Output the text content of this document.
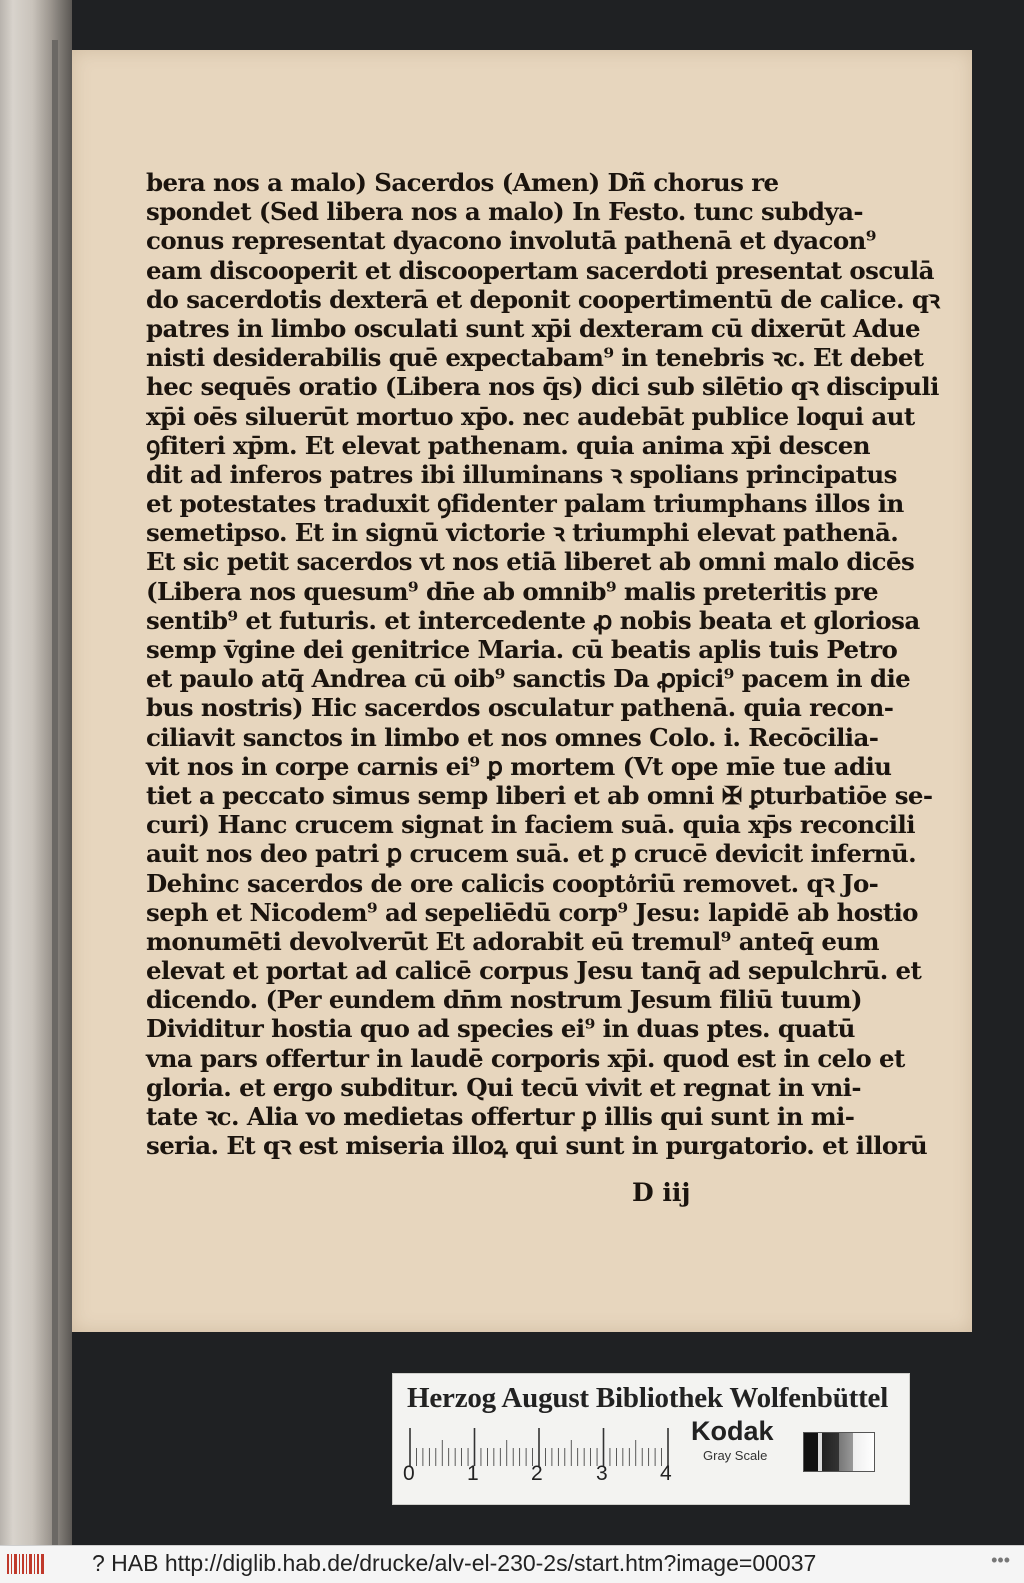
bera nos a malo) Sacerdos (Amen) Dñ̄ chorus re
spondet (Sed libera nos a malo) In Festo. tunc subdya-
conus representat dyacono involutā pathenā et dyacon⁹
eam discooperit et discoopertam sacerdoti presentat osculā
do sacerdotis dexterā et deponit coopertimentū de calice. qꝛ
patres in limbo osculati sunt xp̄i dexteram cū dixerūt Adue
nisti desiderabilis quē expectabam⁹ in tenebris ꝛc. Et debet
hec sequēs oratio (Libera nos q̄s) dici sub silētio qꝛ discipuli
xp̄i oēs siluerūt mortuo xp̄o. nec audebāt publice loqui aut
ꝯfiteri xp̄m. Et elevat pathenam. quia anima xp̄i descen
dit ad inferos patres ibi illuminans ꝛ spolians principatus
et potestates traduxit ꝯfidenter palam triumphans illos in
semetipso. Et in signū victorie ꝛ triumphi elevat pathenā.
Et sic petit sacerdos vt nos etiā liberet ab omni malo dicēs
(Libera nos quesum⁹ dn̄e ab omnib⁹ malis preteritis pre
sentib⁹ et futuris. et intercedente ꝓ nobis beata et gloriosa
semp v̄gine dei genitrice Maria. cū beatis aplis tuis Petro
et paulo atq̄ Andrea cū oib⁹ sanctis Da ꝓpici⁹ pacem in die
bus nostris) Hic sacerdos osculatur pathenā. quia recon-
ciliavit sanctos in limbo et nos omnes Colo. i. Recōcilia-
vit nos in corpe carnis ei⁹ ꝑ mortem (Vt ope mīe tue adiu
tiet a peccato simus semp liberi et ab omni ✠ ꝑturbatiōe se-
curi) Hanc crucem signat in faciem suā. quia xp̄s reconcili
auit nos deo patri ꝑ crucem suā. et ꝑ crucē devicit infernū.
Dehinc sacerdos de ore calicis coopto͛riū removet. qꝛ Jo-
seph et Nicodem⁹ ad sepeliēdū corp⁹ Jesu: lapidē ab hostio
monumēti devolverūt Et adorabit eū tremul⁹ anteq̄ eum
elevat et portat ad calicē corpus Jesu tanq̄ ad sepulchrū. et
dicendo. (Per eundem dn̄m nostrum Jesum filiū tuum)
Dividitur hostia quo ad species ei⁹ in duas ptes. quatū
vna pars offertur in laudē corporis xp̄i. quod est in celo et
gloria. et ergo subditur. Qui tecū vivit et regnat in vni-
tate ꝛc. Alia vo medietas offertur ꝑ illis qui sunt in mi-
seria. Et qꝛ est miseria illoꝝ qui sunt in purgatorio. et illorū
D iij
Herzog August Bibliothek Wolfenbüttel
0 1 2	3 4
Kodak
Gray Scale
? HAB http://diglib.hab.de/drucke/alv-el-230-2s/start.htm?image=00037	•••
